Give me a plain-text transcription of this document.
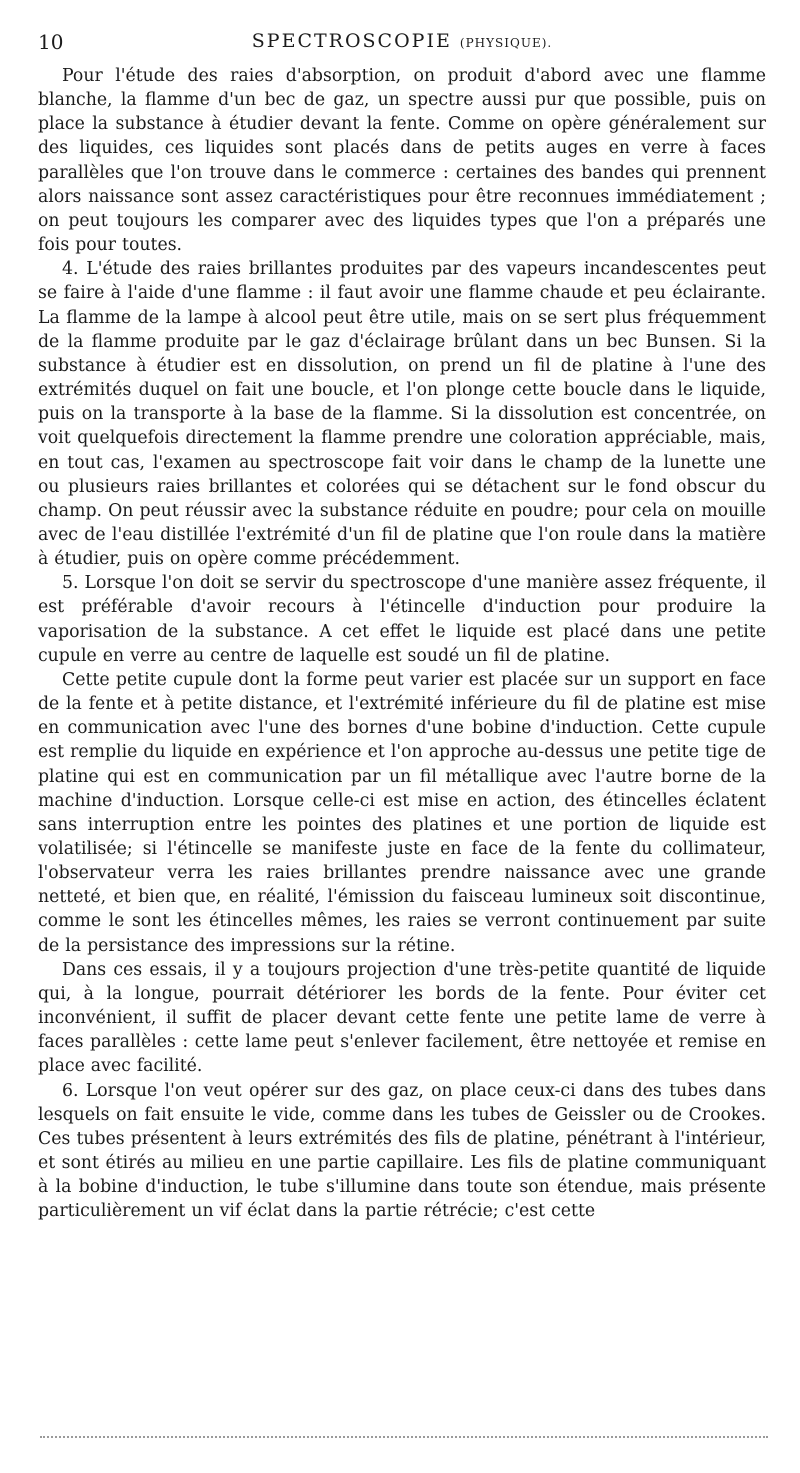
10	SPECTROSCOPIE (PHYSIQUE).

Pour l'étude des raies d'absorption, on produit d'abord avec une flamme blanche, la flamme d'un bec de gaz, un spectre aussi pur que possible, puis on place la substance à étudier devant la fente. Comme on opère généralement sur des liquides, ces liquides sont placés dans de petits auges en verre à faces parallèles que l'on trouve dans le commerce : certaines des bandes qui prennent alors naissance sont assez caractéristiques pour être reconnues immédiatement ; on peut toujours les comparer avec des liquides types que l'on a préparés une fois pour toutes.

4. L'étude des raies brillantes produites par des vapeurs incandescentes peut se faire à l'aide d'une flamme : il faut avoir une flamme chaude et peu éclairante. La flamme de la lampe à alcool peut être utile, mais on se sert plus fréquemment de la flamme produite par le gaz d'éclairage brûlant dans un bec Bunsen. Si la substance à étudier est en dissolution, on prend un fil de platine à l'une des extrémités duquel on fait une boucle, et l'on plonge cette boucle dans le liquide, puis on la transporte à la base de la flamme. Si la dissolution est concentrée, on voit quelquefois directement la flamme prendre une coloration appréciable, mais, en tout cas, l'examen au spectroscope fait voir dans le champ de la lunette une ou plusieurs raies brillantes et colorées qui se détachent sur le fond obscur du champ. On peut réussir avec la substance réduite en poudre; pour cela on mouille avec de l'eau distillée l'extrémité d'un fil de platine que l'on roule dans la matière à étudier, puis on opère comme précédemment.

5. Lorsque l'on doit se servir du spectroscope d'une manière assez fréquente, il est préférable d'avoir recours à l'étincelle d'induction pour produire la vaporisation de la substance. A cet effet le liquide est placé dans une petite cupule en verre au centre de laquelle est soudé un fil de platine.

Cette petite cupule dont la forme peut varier est placée sur un support en face de la fente et à petite distance, et l'extrémité inférieure du fil de platine est mise en communication avec l'une des bornes d'une bobine d'induction. Cette cupule est remplie du liquide en expérience et l'on approche au-dessus une petite tige de platine qui est en communication par un fil métallique avec l'autre borne de la machine d'induction. Lorsque celle-ci est mise en action, des étincelles éclatent sans interruption entre les pointes des platines et une portion de liquide est volatilisée; si l'étincelle se manifeste juste en face de la fente du collimateur, l'observateur verra les raies brillantes prendre naissance avec une grande netteté, et bien que, en réalité, l'émission du faisceau lumineux soit discontinue, comme le sont les étincelles mêmes, les raies se verront continuement par suite de la persistance des impressions sur la rétine.

Dans ces essais, il y a toujours projection d'une très-petite quantité de liquide qui, à la longue, pourrait détériorer les bords de la fente. Pour éviter cet inconvénient, il suffit de placer devant cette fente une petite lame de verre à faces parallèles : cette lame peut s'enlever facilement, être nettoyée et remise en place avec facilité.

6. Lorsque l'on veut opérer sur des gaz, on place ceux-ci dans des tubes dans lesquels on fait ensuite le vide, comme dans les tubes de Geissler ou de Crookes. Ces tubes présentent à leurs extrémités des fils de platine, pénétrant à l'intérieur, et sont étirés au milieu en une partie capillaire. Les fils de platine communiquant à la bobine d'induction, le tube s'illumine dans toute son étendue, mais présente particulièrement un vif éclat dans la partie rétrécie; c'est cette
